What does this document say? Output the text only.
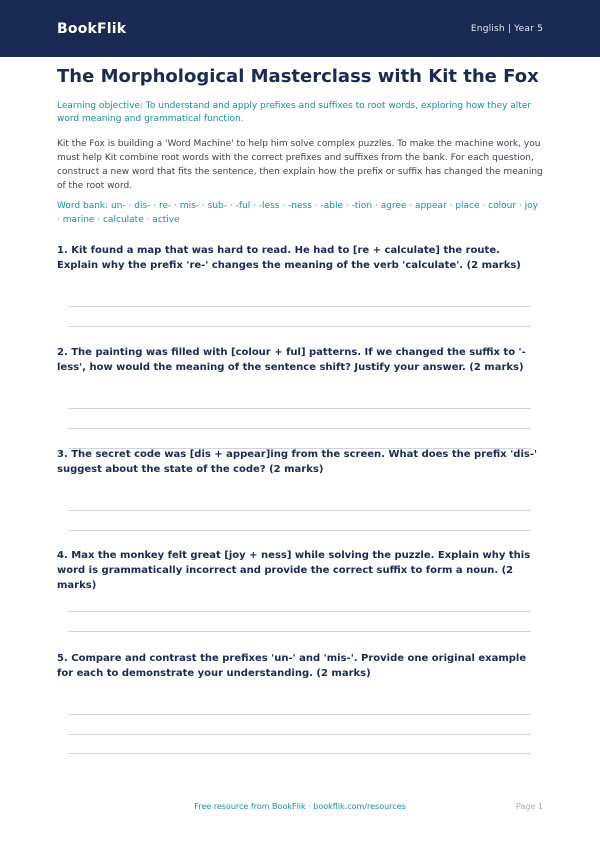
BookFlik	English | Year 5
The Morphological Masterclass with Kit the Fox

Learning objective: To understand and apply prefixes and suffixes to root words, exploring how they alter word meaning and grammatical function.

Kit the Fox is building a 'Word Machine' to help him solve complex puzzles. To make the machine work, you must help Kit combine root words with the correct prefixes and suffixes from the bank. For each question, construct a new word that fits the sentence, then explain how the prefix or suffix has changed the meaning of the root word.

Word bank: un- · dis- · re- · mis- · sub- · -ful · -less · -ness · -able · -tion · agree · appear · place · colour · joy · marine · calculate · active

1. Kit found a map that was hard to read. He had to [re + calculate] the route. Explain why the prefix 're-' changes the meaning of the verb 'calculate'. (2 marks)

2. The painting was filled with [colour + ful] patterns. If we changed the suffix to '-less', how would the meaning of the sentence shift? Justify your answer. (2 marks)

3. The secret code was [dis + appear]ing from the screen. What does the prefix 'dis-' suggest about the state of the code? (2 marks)

4. Max the monkey felt great [joy + ness] while solving the puzzle. Explain why this word is grammatically incorrect and provide the correct suffix to form a noun. (2 marks)

5. Compare and contrast the prefixes 'un-' and 'mis-'. Provide one original example for each to demonstrate your understanding. (2 marks)

Free resource from BookFlik · bookflik.com/resources	Page 1
